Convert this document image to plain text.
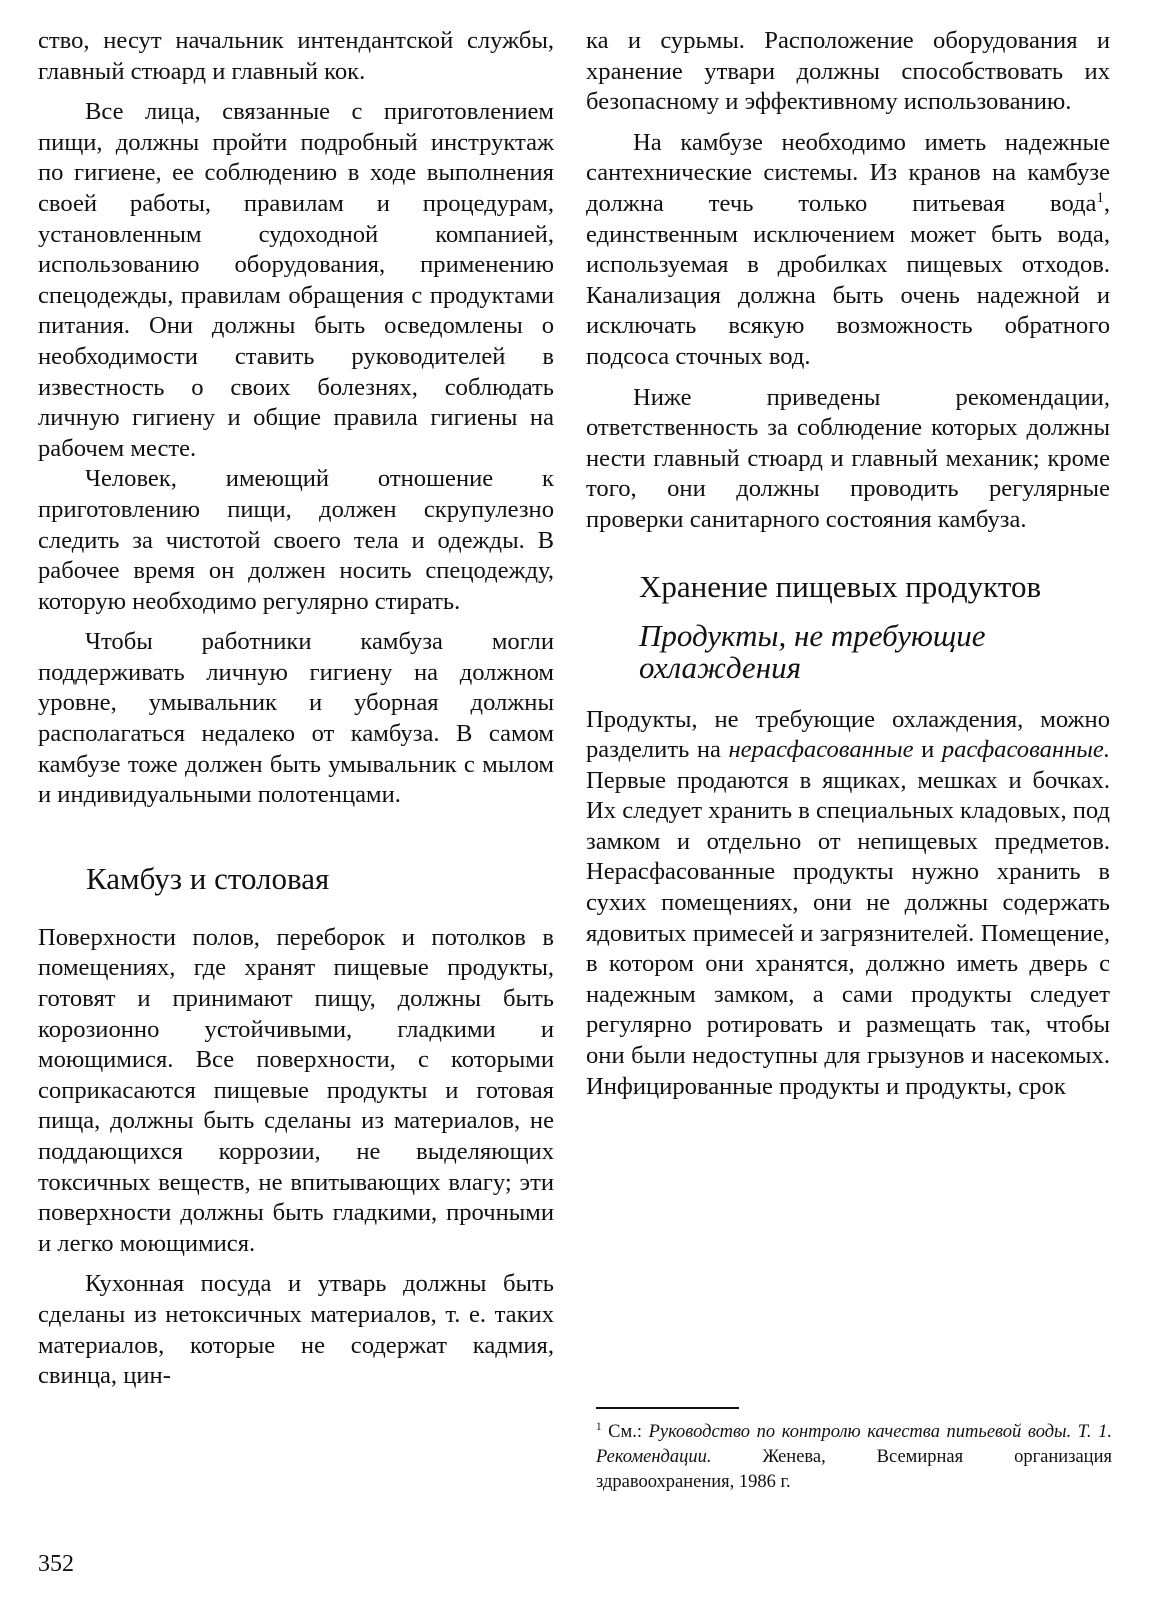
ство, несут начальник интендантской службы, главный стюард и главный кок.

Все лица, связанные с приготовлением пищи, должны пройти подробный инструктаж по гигиене, ее соблюдению в ходе выполнения своей работы, правилам и процедурам, установленным судоходной компанией, использованию оборудования, применению спецодежды, правилам обращения с продуктами питания. Они должны быть осведомлены о необходимости ставить руководителей в известность о своих болезнях, соблюдать личную гигиену и общие правила гигиены на рабочем месте.

Человек, имеющий отношение к приготовлению пищи, должен скрупулезно следить за чистотой своего тела и одежды. В рабочее время он должен носить спецодежду, которую необходимо регулярно стирать.

Чтобы работники камбуза могли поддерживать личную гигиену на должном уровне, умывальник и уборная должны располагаться недалеко от камбуза. В самом камбузе тоже должен быть умывальник с мылом и индивидуальными полотенцами.

Камбуз и столовая

Поверхности полов, переборок и потолков в помещениях, где хранят пищевые продукты, готовят и принимают пищу, должны быть корозионно устойчивыми, гладкими и моющимися. Все поверхности, с которыми соприкасаются пищевые продукты и готовая пища, должны быть сделаны из материалов, не поддающихся коррозии, не выделяющих токсичных веществ, не впитывающих влагу; эти поверхности должны быть гладкими, прочными и легко моющимися.

Кухонная посуда и утварь должны быть сделаны из нетоксичных материалов, т. е. таких материалов, которые не содержат кадмия, свинца, цин-

ка и сурьмы. Расположение оборудования и хранение утвари должны способствовать их безопасному и эффективному использованию.

На камбузе необходимо иметь надежные сантехнические системы. Из кранов на камбузе должна течь только питьевая вода$^1$, единственным исключением может быть вода, используемая в дробилках пищевых отходов. Канализация должна быть очень надежной и исключать всякую возможность обратного подсоса сточных вод.

Ниже приведены рекомендации, ответственность за соблюдение которых должны нести главный стюард и главный механик; кроме того, они должны проводить регулярные проверки санитарного состояния камбуза.

Хранение пищевых продуктов
Продукты, не требующие охлаждения

Продукты, не требующие охлаждения, можно разделить на нерасфасованные и расфасованные. Первые продаются в ящиках, мешках и бочках. Их следует хранить в специальных кладовых, под замком и отдельно от непищевых предметов. Нерасфасованные продукты нужно хранить в сухих помещениях, они не должны содержать ядовитых примесей и загрязнителей. Помещение, в котором они хранятся, должно иметь дверь с надежным замком, а сами продукты следует регулярно ротировать и размещать так, чтобы они были недоступны для грызунов и насекомых. Инфицированные продукты и продукты, срок

$^1$ См.: Руководство по контролю качества питьевой воды. Т. 1. Рекомендации. Женева, Всемирная организация здравоохранения, 1986 г.
352
